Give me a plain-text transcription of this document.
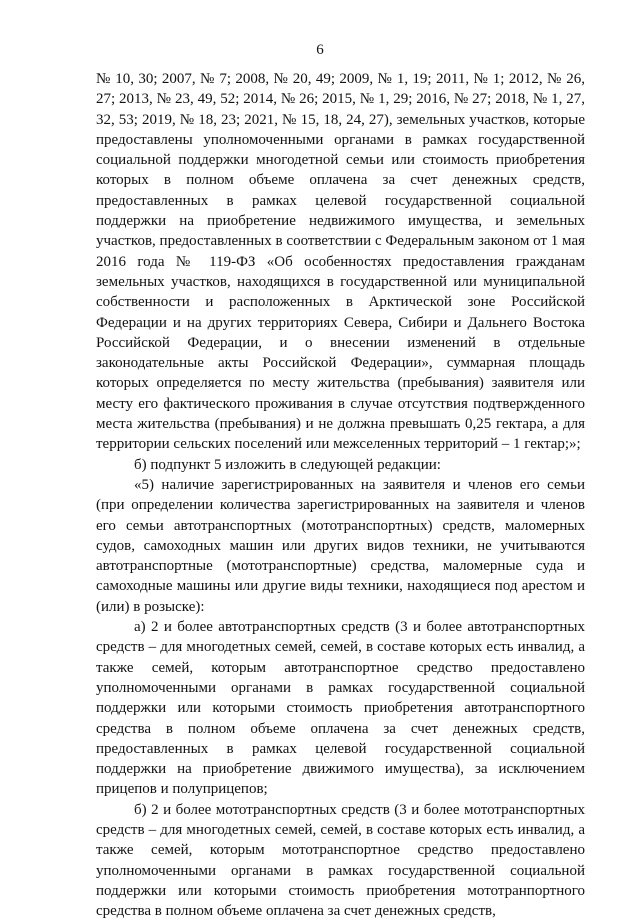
6

№ 10, 30; 2007, № 7; 2008, № 20, 49; 2009, № 1, 19; 2011, № 1; 2012, № 26, 27; 2013, № 23, 49, 52; 2014, № 26; 2015, № 1, 29; 2016, № 27; 2018, № 1, 27, 32, 53; 2019, № 18, 23; 2021, № 15, 18, 24, 27), земельных участков, которые предоставлены уполномоченными органами в рамках государственной социальной поддержки многодетной семьи или стоимость приобретения которых в полном объеме оплачена за счет денежных средств, предоставленных в рамках целевой государственной социальной поддержки на приобретение недвижимого имущества, и земельных участков, предоставленных в соответствии с Федеральным законом от 1 мая 2016 года № 119-ФЗ «Об особенностях предоставления гражданам земельных участков, находящихся в государственной или муниципальной собственности и расположенных в Арктической зоне Российской Федерации и на других территориях Севера, Сибири и Дальнего Востока Российской Федерации, и о внесении изменений в отдельные законодательные акты Российской Федерации», суммарная площадь которых определяется по месту жительства (пребывания) заявителя или месту его фактического проживания в случае отсутствия подтвержденного места жительства (пребывания) и не должна превышать 0,25 гектара, а для территории сельских поселений или межселенных территорий – 1 гектар;»;

б) подпункт 5 изложить в следующей редакции:

«5) наличие зарегистрированных на заявителя и членов его семьи (при определении количества зарегистрированных на заявителя и членов его семьи автотранспортных (мототранспортных) средств, маломерных судов, самоходных машин или других видов техники, не учитываются автотранспортные (мототранспортные) средства, маломерные суда и самоходные машины или другие виды техники, находящиеся под арестом и (или) в розыске):

а) 2 и более автотранспортных средств (3 и более автотранспортных средств – для многодетных семей, семей, в составе которых есть инвалид, а также семей, которым автотранспортное средство предоставлено уполномоченными органами в рамках государственной социальной поддержки или которыми стоимость приобретения автотранспортного средства в полном объеме оплачена за счет денежных средств, предоставленных в рамках целевой государственной социальной поддержки на приобретение движимого имущества), за исключением прицепов и полуприцепов;

б) 2 и более мототранспортных средств (3 и более мототранспортных средств – для многодетных семей, семей, в составе которых есть инвалид, а также семей, которым мототранспортное средство предоставлено уполномоченными органами в рамках государственной социальной поддержки или которыми стоимость приобретения мототранпортного средства в полном объеме оплачена за счет денежных средств,
